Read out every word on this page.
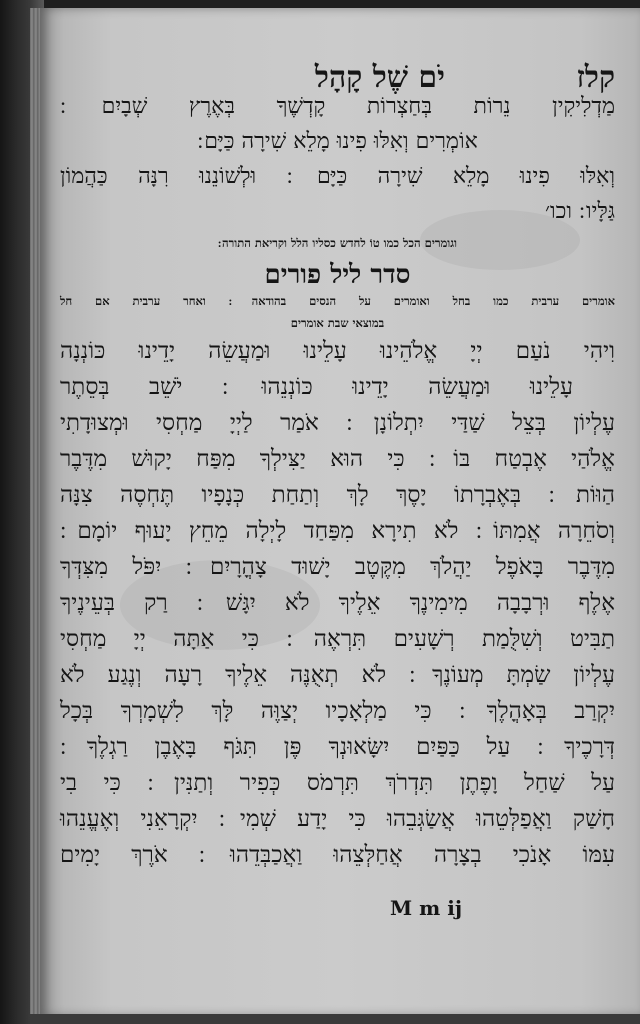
יֹם שֶׁל קָהָל	קלז
מַדְלִיקִין נֵרוֹת בְּחַצְרוֹת קָדְשֶׁךָ בְּאֶרֶץ שְׁבָיִם ׃
אוֹמְרִים וְאִלּוּ פִינוּ מָלֵא שִׁירָה כַּיָּם ׃
וְאִלּוּ פִינוּ מָלֵא שִׁירָה כַּיָּם ׃ וּלְשׁוֹנֵנוּ רִנָּה כַּהֲמוֹן
גַּלָּיו ׃ וכו׳
וגומרים הכל כמו טוֹ לחדש כסליו הלל וקריאת התורה ׃
סדר ליל פורים
אומרים ערבית כמו בחל ואומרים על הנסים בהודאה ׃ ואחר ערבית אם חל
במוצאי שבת אומרים
וִיהִי נֹעַם יְיָ אֱלֹהֵינוּ עָלֵינוּ וּמַעֲשֵׂה יָדֵינוּ כּוֹנְנָה
עָלֵינוּ וּמַעֲשֵׂה יָדֵינוּ כּוֹנְנֵהוּ ׃ יֹשֵׁב בְּסֵתֶר
עֶלְיוֹן בְּצֵל שַׁדַּי יִתְלוֹנָן ׃ אֹמַר לַיְיָ מַחְסִי וּמְצוּדָתִי
אֱלֹהַי אֶבְטַח בּוֹ ׃ כִּי הוּא יַצִּילְךָ מִפַּח יָקוּשׁ מִדֶּבֶר
הַוּוֹת ׃ בְּאֶבְרָתוֹ יָסֶךְ לָךְ וְתַחַת כְּנָפָיו תֶּחְסֶה צִנָּה
וְסֹחֵרָה אֲמִתּוֹ ׃ לֹא תִירָא מִפַּחַד לָיְלָה מֵחֵץ יָעוּף יוֹמָם ׃
מִדֶּבֶר בָּאֹפֶל יַהֲלֹךְ מִקֶּטֶב יָשׁוּד צָהֳרָיִם ׃ יִפֹּל מִצִּדְּךָ
אֶלֶף וּרְבָבָה מִימִינֶךָ אֵלֶיךָ לֹא יִגָּשׁ ׃ רַק בְּעֵינֶיךָ
תַבִּיט וְשִׁלֻּמַת רְשָׁעִים תִּרְאֶה ׃ כִּי אַתָּה יְיָ מַחְסִי
עֶלְיוֹן שַׂמְתָּ מְעוֹנֶךָ ׃ לֹא תְאֻנֶּה אֵלֶיךָ רָעָה וְנֶגַע לֹא
יִקְרַב בְּאָהֳלֶךָ ׃ כִּי מַלְאָכָיו יְצַוֶּה לָּךְ לִשְׁמָרְךָ בְּכָל
דְּרָכֶיךָ ׃ עַל כַּפַּיִם יִשָּׂאוּנְךָ פֶּן תִּגֹּף בָּאֶבֶן רַגְלֶךָ ׃
עַל שַׁחַל וָפֶתֶן תִּדְרֹךְ תִּרְמֹס כְּפִיר וְתַנִּין ׃ כִּי בִי
חָשַׁק וַאֲפַלְּטֵהוּ אֲשַׂגְּבֵהוּ כִּי יָדַע שְׁמִי ׃ יִקְרָאֵנִי וְאֶעֱנֵהוּ
עִמּוֹ אָנֹכִי בְצָרָה אֲחַלְּצֵהוּ וַאֲכַבְּדֵהוּ ׃ אֹרֶךְ יָמִים
M m ij
